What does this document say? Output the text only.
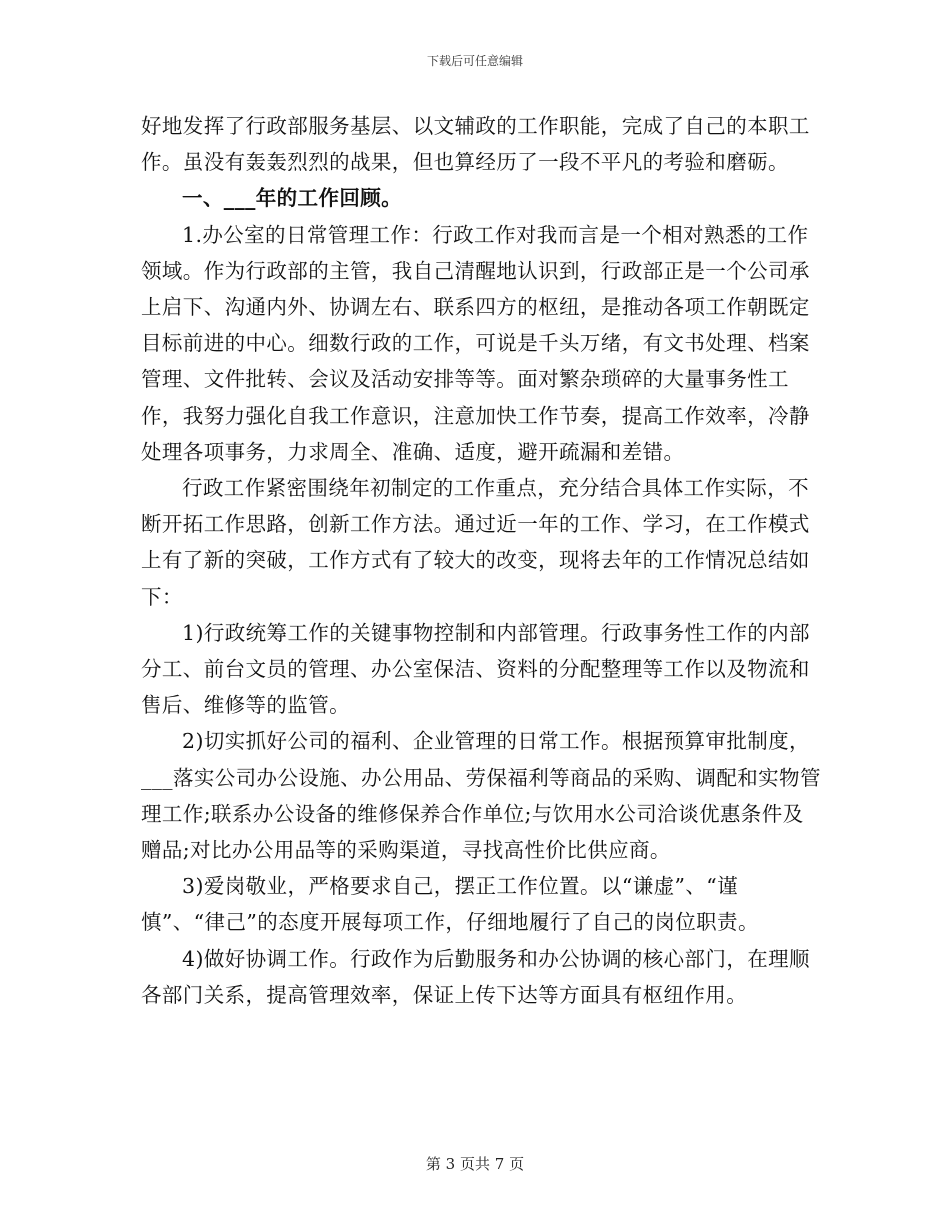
下载后可任意编辑

好地发挥了行政部服务基层、以文辅政的工作职能，完成了自己的本职工作。虽没有轰轰烈烈的战果，但也算经历了一段不平凡的考验和磨砺。

一、___年的工作回顾。

1.办公室的日常管理工作：行政工作对我而言是一个相对熟悉的工作领域。作为行政部的主管，我自己清醒地认识到，行政部正是一个公司承上启下、沟通内外、协调左右、联系四方的枢纽，是推动各项工作朝既定目标前进的中心。细数行政的工作，可说是千头万绪，有文书处理、档案管理、文件批转、会议及活动安排等等。面对繁杂琐碎的大量事务性工作，我努力强化自我工作意识，注意加快工作节奏，提高工作效率，冷静处理各项事务，力求周全、准确、适度，避开疏漏和差错。

行政工作紧密围绕年初制定的工作重点，充分结合具体工作实际，不断开拓工作思路，创新工作方法。通过近一年的工作、学习，在工作模式上有了新的突破，工作方式有了较大的改变，现将去年的工作情况总结如下：

1)行政统筹工作的关键事物控制和内部管理。行政事务性工作的内部分工、前台文员的管理、办公室保洁、资料的分配整理等工作以及物流和售后、维修等的监管。

2)切实抓好公司的福利、企业管理的日常工作。根据预算审批制度，___落实公司办公设施、办公用品、劳保福利等商品的采购、调配和实物管理工作;联系办公设备的维修保养合作单位;与饮用水公司洽谈优惠条件及赠品;对比办公用品等的采购渠道，寻找高性价比供应商。

3)爱岗敬业，严格要求自己，摆正工作位置。以“谦虚”、“谨慎”、“律己”的态度开展每项工作，仔细地履行了自己的岗位职责。

4)做好协调工作。行政作为后勤服务和办公协调的核心部门，在理顺各部门关系，提高管理效率，保证上传下达等方面具有枢纽作用。

第 3 页共 7 页
